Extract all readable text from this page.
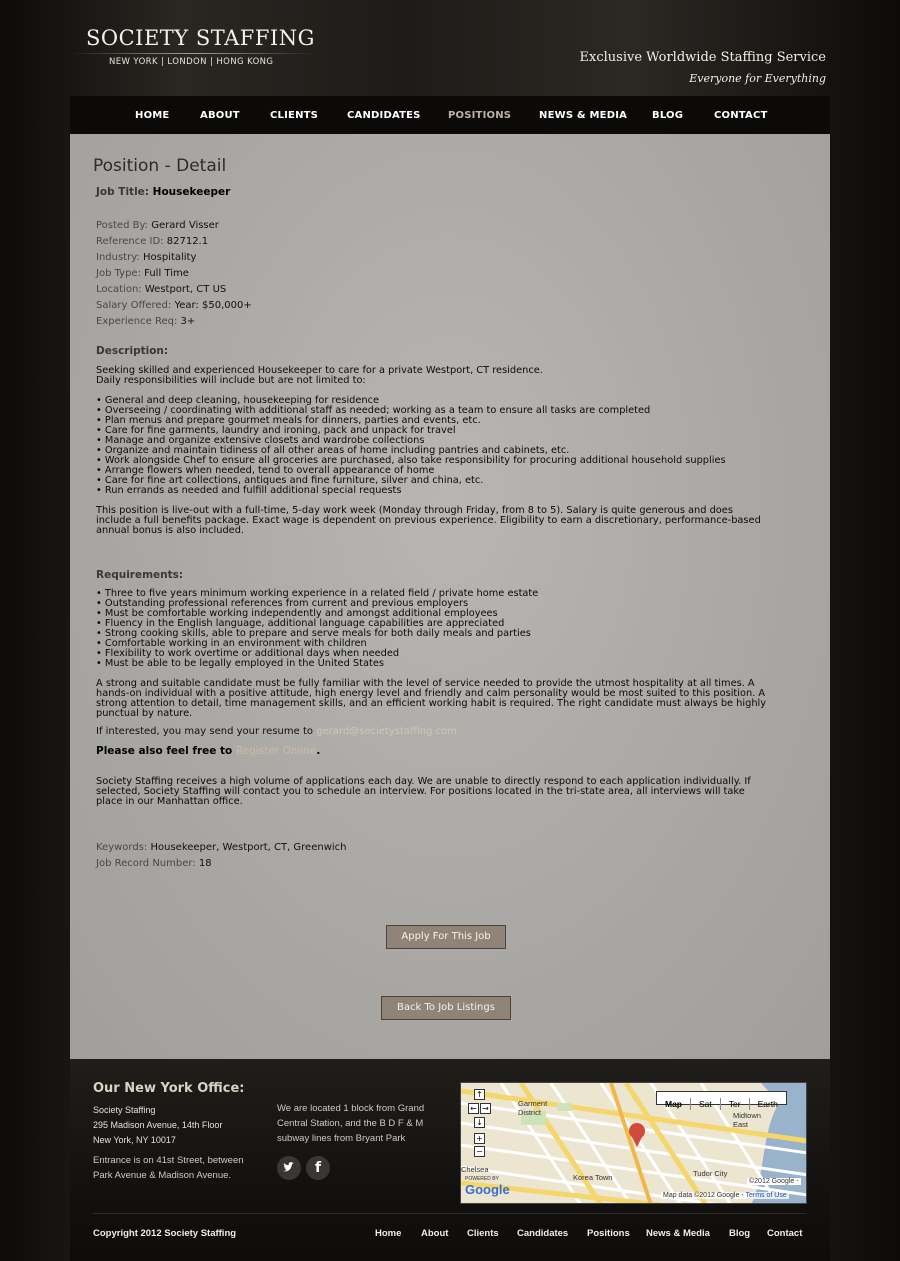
SOCIETY STAFFING
NEW YORK | LONDON | HONG KONG	Exclusive Worldwide Staffing Service
Everyone for Everything
HOME	ABOUT	CLIENTS	CANDIDATES	POSITIONS	NEWS & MEDIA BLOG	CONTACT
Position - Detail
Job Title: Housekeeper
Posted By: Gerard Visser
Reference ID: 82712.1
Industry: Hospitality
Job Type: Full Time
Location: Westport, CT US
Salary Offered: Year: $50,000+
Experience Req: 3+
Description:
Seeking skilled and experienced Housekeeper to care for a private Westport, CT residence.
Daily responsibilities will include but are not limited to:
• General and deep cleaning, housekeeping for residence
• Overseeing / coordinating with additional staff as needed; working as a team to ensure all tasks are completed
• Plan menus and prepare gourmet meals for dinners, parties and events, etc.
• Care for fine garments, laundry and ironing, pack and unpack for travel
• Manage and organize extensive closets and wardrobe collections
• Organize and maintain tidiness of all other areas of home including pantries and cabinets, etc.
• Work alongside Chef to ensure all groceries are purchased, also take responsibility for procuring additional household supplies
• Arrange flowers when needed, tend to overall appearance of home
• Care for fine art collections, antiques and fine furniture, silver and china, etc.
• Run errands as needed and fulfill additional special requests
This position is live-out with a full-time, 5-day work week (Monday through Friday, from 8 to 5). Salary is quite generous and does
include a full benefits package. Exact wage is dependent on previous experience. Eligibility to earn a discretionary, performance-based
annual bonus is also included.
Requirements:
• Three to five years minimum working experience in a related field / private home estate
• Outstanding professional references from current and previous employers
• Must be comfortable working independently and amongst additional employees
• Fluency in the English language, additional language capabilities are appreciated
• Strong cooking skills, able to prepare and serve meals for both daily meals and parties
• Comfortable working in an environment with children
• Flexibility to work overtime or additional days when needed
• Must be able to be legally employed in the United States
A strong and suitable candidate must be fully familiar with the level of service needed to provide the utmost hospitality at all times. A
hands-on individual with a positive attitude, high energy level and friendly and calm personality would be most suited to this position. A
strong attention to detail, time management skills, and an efficient working habit is required. The right candidate must always be highly
punctual by nature.
If interested, you may send your resume to gerard@societystaffing.com
Please also feel free to Register Online.
Society Staffing receives a high volume of applications each day. We are unable to directly respond to each application individually. If
selected, Society Staffing will contact you to schedule an interview. For positions located in the tri-state area, all interviews will take
place in our Manhattan office.
Keywords: Housekeeper, Westport, CT, Greenwich
Job Record Number: 18
Apply For This Job
Back To Job Listings
Our New York Office:
Society Staffing
295 Madison Avenue, 14th Floor
New York, NY 10017
Entrance is on 41st Street, between
Park Avenue & Madison Avenue.
We are located 1 block from Grand
Central Station, and the B D F & M
subway lines from Bryant Park
f
A
↑
← →
↓
+
−
Map Sat Ter Earth
Garment District	Midtown East
Chelsea
Korea Town	Tudor City
POWERED BY
Google
©2012 Google -
Map data ©2012 Google - Terms of Use
Copyright 2012 Society Staffing	Home About Clients Candidates Positions News & Media Blog Contact
